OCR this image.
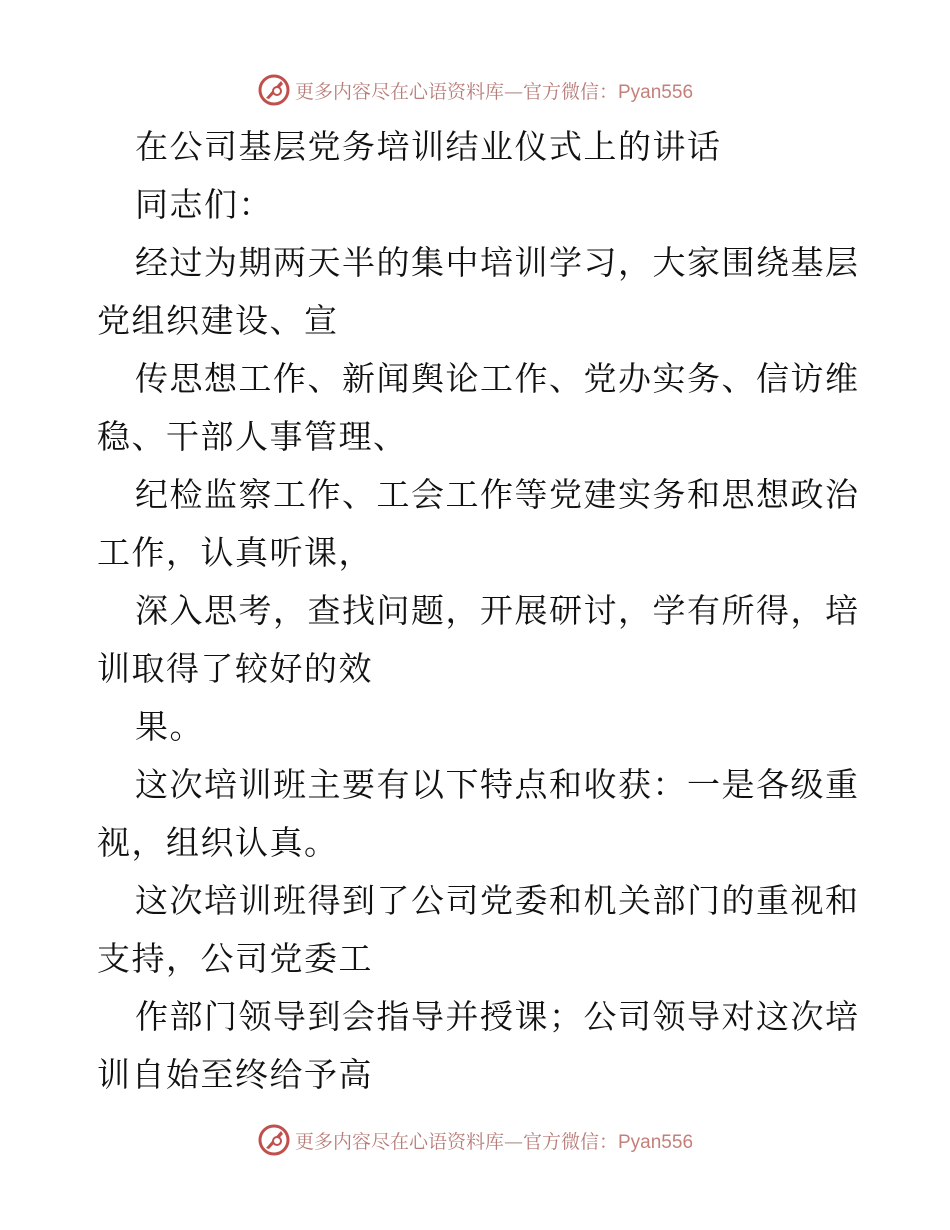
更多内容尽在心语资料库—官方微信：Pyan556
在公司基层党务培训结业仪式上的讲话
同志们：
经过为期两天半的集中培训学习，大家围绕基层
党组织建设、宣
传思想工作、新闻舆论工作、党办实务、信访维
稳、干部人事管理、
纪检监察工作、工会工作等党建实务和思想政治
工作，认真听课，
深入思考，查找问题，开展研讨，学有所得，培
训取得了较好的效
果。
这次培训班主要有以下特点和收获：一是各级重
视，组织认真。
这次培训班得到了公司党委和机关部门的重视和
支持，公司党委工
作部门领导到会指导并授课；公司领导对这次培
训自始至终给予高
更多内容尽在心语资料库—官方微信：Pyan556
